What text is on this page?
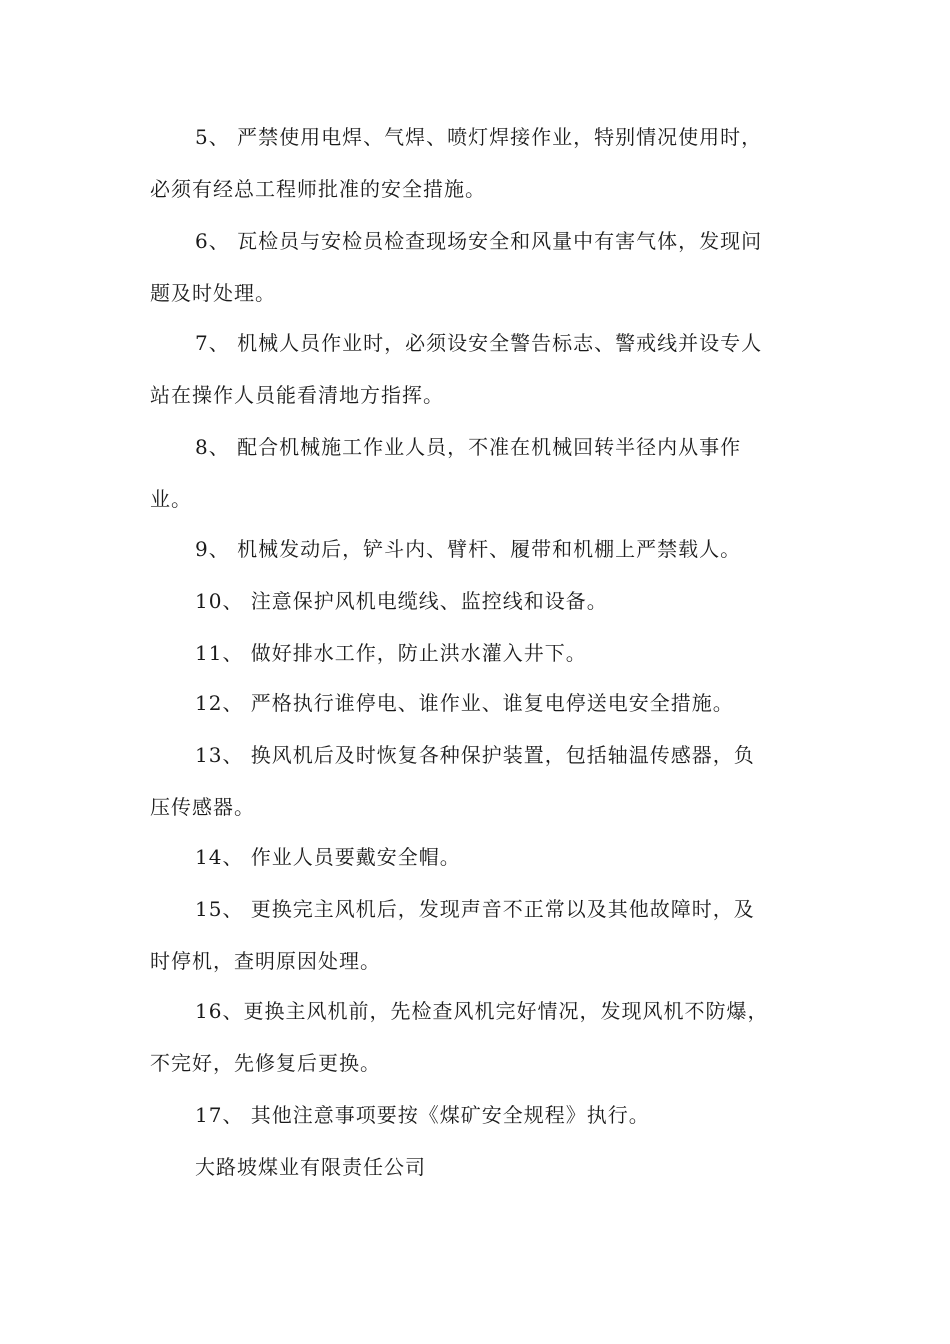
5、 严禁使用电焊、气焊、喷灯焊接作业，特别情况使用时，
必须有经总工程师批准的安全措施。
6、 瓦检员与安检员检查现场安全和风量中有害气体，发现问
题及时处理。
7、 机械人员作业时，必须设安全警告标志、警戒线并设专人
站在操作人员能看清地方指挥。
8、 配合机械施工作业人员，不准在机械回转半径内从事作
业。
9、 机械发动后，铲斗内、臂杆、履带和机棚上严禁载人。
10、 注意保护风机电缆线、监控线和设备。
11、 做好排水工作，防止洪水灌入井下。
12、 严格执行谁停电、谁作业、谁复电停送电安全措施。
13、 换风机后及时恢复各种保护装置，包括轴温传感器，负
压传感器。
14、 作业人员要戴安全帽。
15、 更换完主风机后，发现声音不正常以及其他故障时，及
时停机，查明原因处理。
16、更换主风机前，先检查风机完好情况，发现风机不防爆，
不完好，先修复后更换。
17、 其他注意事项要按《煤矿安全规程》执行。
大路坡煤业有限责任公司
